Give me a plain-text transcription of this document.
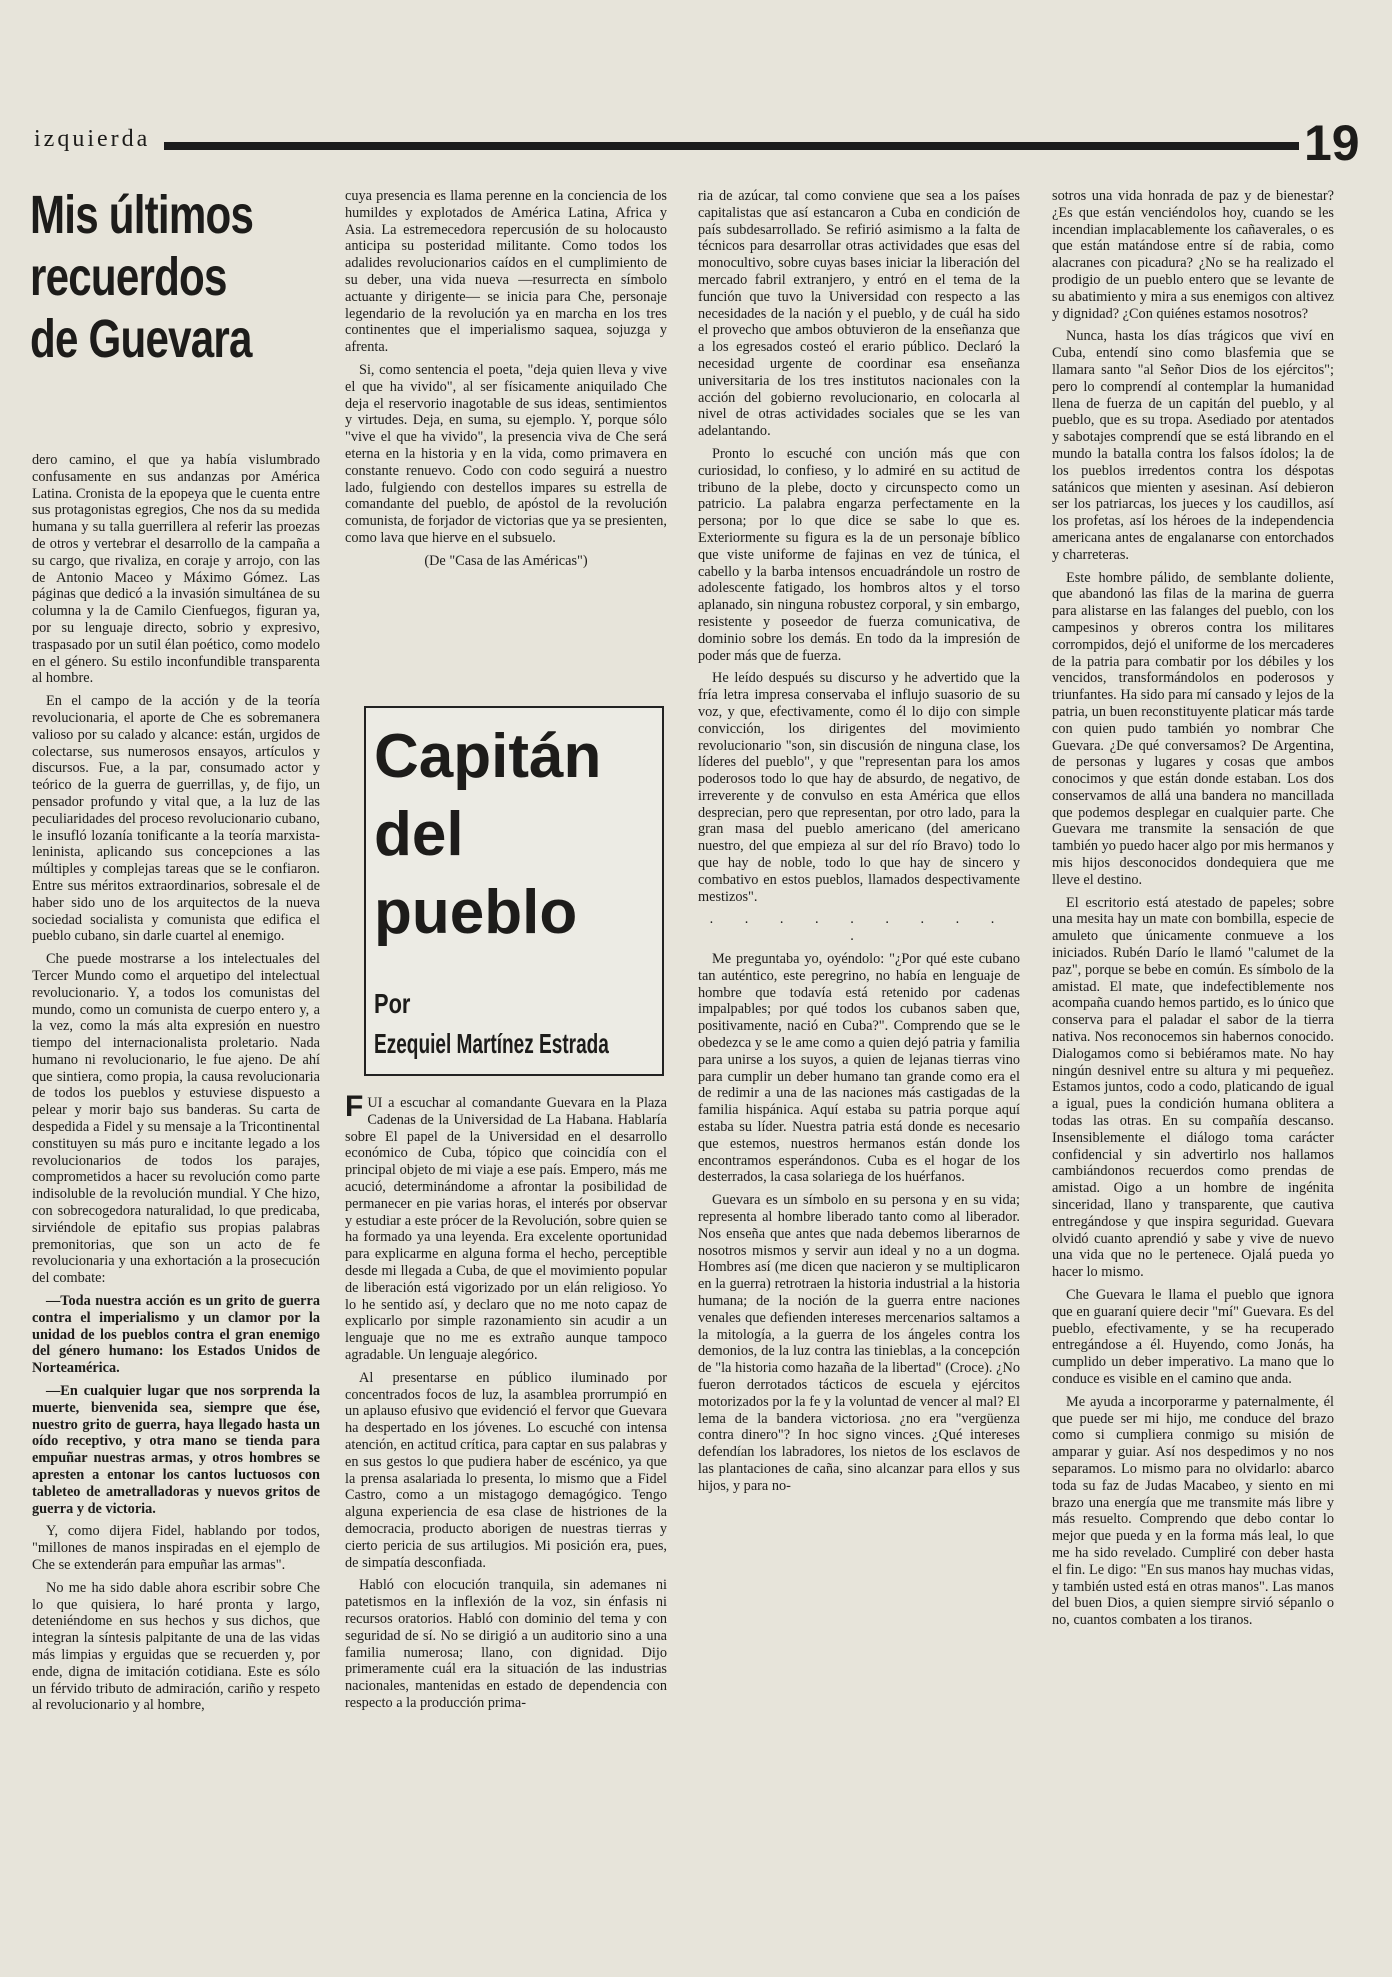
izquierda	19
Mis últimos
recuerdos
de Guevara

dero camino, el que ya había vislumbrado confusamente en sus andanzas por América Latina. Cronista de la epopeya que le cuenta entre sus protagonistas egregios, Che nos da su medida humana y su talla guerrillera al referir las proezas de otros y vertebrar el desarrollo de la campaña a su cargo, que rivaliza, en coraje y arrojo, con las de Antonio Maceo y Máximo Gómez. Las páginas que dedicó a la invasión simultánea de su columna y la de Camilo Cienfuegos, figuran ya, por su lenguaje directo, sobrio y expresivo, traspasado por un sutil élan poético, como modelo en el género. Su estilo inconfundible transparenta al hombre.

En el campo de la acción y de la teoría revolucionaria, el aporte de Che es sobremanera valioso por su calado y alcance: están, urgidos de colectarse, sus numerosos ensayos, artículos y discursos. Fue, a la par, consumado actor y teórico de la guerra de guerrillas, y, de fijo, un pensador profundo y vital que, a la luz de las peculiaridades del proceso revolucionario cubano, le insufló lozanía tonificante a la teoría marxista-leninista, aplicando sus concepciones a las múltiples y complejas tareas que se le confiaron. Entre sus méritos extraordinarios, sobresale el de haber sido uno de los arquitectos de la nueva sociedad socialista y comunista que edifica el pueblo cubano, sin darle cuartel al enemigo.

Che puede mostrarse a los intelectuales del Tercer Mundo como el arquetipo del intelectual revolucionario. Y, a todos los comunistas del mundo, como un comunista de cuerpo entero y, a la vez, como la más alta expresión en nuestro tiempo del internacionalista proletario. Nada humano ni revolucionario, le fue ajeno. De ahí que sintiera, como propia, la causa revolucionaria de todos los pueblos y estuviese dispuesto a pelear y morir bajo sus banderas. Su carta de despedida a Fidel y su mensaje a la Tricontinental constituyen su más puro e incitante legado a los revolucionarios de todos los parajes, comprometidos a hacer su revolución como parte indisoluble de la revolución mundial. Y Che hizo, con sobrecogedora naturalidad, lo que predicaba, sirviéndole de epitafio sus propias palabras premonitorias, que son un acto de fe revolucionaria y una exhortación a la prosecución del combate:

—Toda nuestra acción es un grito de guerra contra el imperialismo y un clamor por la unidad de los pueblos contra el gran enemigo del género humano: los Estados Unidos de Norteamérica.

—En cualquier lugar que nos sorprenda la muerte, bienvenida sea, siempre que ése, nuestro grito de guerra, haya llegado hasta un oído receptivo, y otra mano se tienda para empuñar nuestras armas, y otros hombres se apresten a entonar los cantos luctuosos con tableteo de ametralladoras y nuevos gritos de guerra y de victoria.

Y, como dijera Fidel, hablando por todos, "millones de manos inspiradas en el ejemplo de Che se extenderán para empuñar las armas".

No me ha sido dable ahora escribir sobre Che lo que quisiera, lo haré pronta y largo, deteniéndome en sus hechos y sus dichos, que integran la síntesis palpitante de una de las vidas más limpias y erguidas que se recuerden y, por ende, digna de imitación cotidiana. Este es sólo un férvido tributo de admiración, cariño y respeto al revolucionario y al hombre,

cuya presencia es llama perenne en la conciencia de los humildes y explotados de América Latina, Africa y Asia. La estremecedora repercusión de su holocausto anticipa su posteridad militante. Como todos los adalides revolucionarios caídos en el cumplimiento de su deber, una vida nueva —resurrecta en símbolo actuante y dirigente— se inicia para Che, personaje legendario de la revolución ya en marcha en los tres continentes que el imperialismo saquea, sojuzga y afrenta.

Si, como sentencia el poeta, "deja quien lleva y vive el que ha vivido", al ser físicamente aniquilado Che deja el reservorio inagotable de sus ideas, sentimientos y virtudes. Deja, en suma, su ejemplo. Y, porque sólo "vive el que ha vivido", la presencia viva de Che será eterna en la historia y en la vida, como primavera en constante renuevo. Codo con codo seguirá a nuestro lado, fulgiendo con destellos impares su estrella de comandante del pueblo, de apóstol de la revolución comunista, de forjador de victorias que ya se presienten, como lava que hierve en el subsuelo.

(De "Casa de las Américas")

Capitán
del
pueblo
Por
Ezequiel Martínez Estrada

FUI a escuchar al comandante Guevara en la Plaza Cadenas de la Universidad de La Habana. Hablaría sobre El papel de la Universidad en el desarrollo económico de Cuba, tópico que coincidía con el principal objeto de mi viaje a ese país. Empero, más me acució, determinándome a afrontar la posibilidad de permanecer en pie varias horas, el interés por observar y estudiar a este prócer de la Revolución, sobre quien se ha formado ya una leyenda. Era excelente oportunidad para explicarme en alguna forma el hecho, perceptible desde mi llegada a Cuba, de que el movimiento popular de liberación está vigorizado por un elán religioso. Yo lo he sentido así, y declaro que no me noto capaz de explicarlo por simple razonamiento sin acudir a un lenguaje que no me es extraño aunque tampoco agradable. Un lenguaje alegórico.

Al presentarse en público iluminado por concentrados focos de luz, la asamblea prorrumpió en un aplauso efusivo que evidenció el fervor que Guevara ha despertado en los jóvenes. Lo escuché con intensa atención, en actitud crítica, para captar en sus palabras y en sus gestos lo que pudiera haber de escénico, ya que la prensa asalariada lo presenta, lo mismo que a Fidel Castro, como a un mistagogo demagógico. Tengo alguna experiencia de esa clase de histriones de la democracia, producto aborigen de nuestras tierras y cierto pericia de sus artilugios. Mi posición era, pues, de simpatía desconfiada.

Habló con elocución tranquila, sin ademanes ni patetismos en la inflexión de la voz, sin énfasis ni recursos oratorios. Habló con dominio del tema y con seguridad de sí. No se dirigió a un auditorio sino a una familia numerosa; llano, con dignidad. Dijo primeramente cuál era la situación de las industrias nacionales, mantenidas en estado de dependencia con respecto a la producción prima-

ria de azúcar, tal como conviene que sea a los países capitalistas que así estancaron a Cuba en condición de país subdesarrollado. Se refirió asimismo a la falta de técnicos para desarrollar otras actividades que esas del monocultivo, sobre cuyas bases iniciar la liberación del mercado fabril extranjero, y entró en el tema de la función que tuvo la Universidad con respecto a las necesidades de la nación y el pueblo, y de cuál ha sido el provecho que ambos obtuvieron de la enseñanza que a los egresados costeó el erario público. Declaró la necesidad urgente de coordinar esa enseñanza universitaria de los tres institutos nacionales con la acción del gobierno revolucionario, en colocarla al nivel de otras actividades sociales que se les van adelantando.

Pronto lo escuché con unción más que con curiosidad, lo confieso, y lo admiré en su actitud de tribuno de la plebe, docto y circunspecto como un patricio. La palabra engarza perfectamente en la persona; por lo que dice se sabe lo que es. Exteriormente su figura es la de un personaje bíblico que viste uniforme de fajinas en vez de túnica, el cabello y la barba intensos encuadrándole un rostro de adolescente fatigado, los hombros altos y el torso aplanado, sin ninguna robustez corporal, y sin embargo, resistente y poseedor de fuerza comunicativa, de dominio sobre los demás. En todo da la impresión de poder más que de fuerza.

He leído después su discurso y he advertido que la fría letra impresa conservaba el influjo suasorio de su voz, y que, efectivamente, como él lo dijo con simple convicción, los dirigentes del movimiento revolucionario "son, sin discusión de ninguna clase, los líderes del pueblo", y que "representan para los amos poderosos todo lo que hay de absurdo, de negativo, de irreverente y de convulso en esta América que ellos desprecian, pero que representan, por otro lado, para la gran masa del pueblo americano (del americano nuestro, del que empieza al sur del río Bravo) todo lo que hay de noble, todo lo que hay de sincero y combativo en estos pueblos, llamados despectivamente mestizos".

. . . . . . . . . .

Me preguntaba yo, oyéndolo: "¿Por qué este cubano tan auténtico, este peregrino, no había en lenguaje de hombre que todavía está retenido por cadenas impalpables; por qué todos los cubanos saben que, positivamente, nació en Cuba?". Comprendo que se le obedezca y se le ame como a quien dejó patria y familia para unirse a los suyos, a quien de lejanas tierras vino para cumplir un deber humano tan grande como era el de redimir a una de las naciones más castigadas de la familia hispánica. Aquí estaba su patria porque aquí estaba su líder. Nuestra patria está donde es necesario que estemos, nuestros hermanos están donde los encontramos esperándonos. Cuba es el hogar de los desterrados, la casa solariega de los huérfanos.

Guevara es un símbolo en su persona y en su vida; representa al hombre liberado tanto como al liberador. Nos enseña que antes que nada debemos liberarnos de nosotros mismos y servir aun ideal y no a un dogma. Hombres así (me dicen que nacieron y se multiplicaron en la guerra) retrotraen la historia industrial a la historia humana; de la noción de la guerra entre naciones venales que defienden intereses mercenarios saltamos a la mitología, a la guerra de los ángeles contra los demonios, de la luz contra las tinieblas, a la concepción de "la historia como hazaña de la libertad" (Croce). ¿No fueron derrotados tácticos de escuela y ejércitos motorizados por la fe y la voluntad de vencer al mal? El lema de la bandera victoriosa. ¿no era "vergüenza contra dinero"? In hoc signo vinces. ¿Qué intereses defendían los labradores, los nietos de los esclavos de las plantaciones de caña, sino alcanzar para ellos y sus hijos, y para no-

sotros una vida honrada de paz y de bienestar? ¿Es que están venciéndolos hoy, cuando se les incendian implacablemente los cañaverales, o es que están matándose entre sí de rabia, como alacranes con picadura? ¿No se ha realizado el prodigio de un pueblo entero que se levante de su abatimiento y mira a sus enemigos con altivez y dignidad? ¿Con quiénes estamos nosotros?

Nunca, hasta los días trágicos que viví en Cuba, entendí sino como blasfemia que se llamara santo "al Señor Dios de los ejércitos"; pero lo comprendí al contemplar la humanidad llena de fuerza de un capitán del pueblo, y al pueblo, que es su tropa. Asediado por atentados y sabotajes comprendí que se está librando en el mundo la batalla contra los falsos ídolos; la de los pueblos irredentos contra los déspotas satánicos que mienten y asesinan. Así debieron ser los patriarcas, los jueces y los caudillos, así los profetas, así los héroes de la independencia americana antes de engalanarse con entorchados y charreteras.

Este hombre pálido, de semblante doliente, que abandonó las filas de la marina de guerra para alistarse en las falanges del pueblo, con los campesinos y obreros contra los militares corrompidos, dejó el uniforme de los mercaderes de la patria para combatir por los débiles y los vencidos, transformándolos en poderosos y triunfantes. Ha sido para mí cansado y lejos de la patria, un buen reconstituyente platicar más tarde con quien pudo también yo nombrar Che Guevara. ¿De qué conversamos? De Argentina, de personas y lugares y cosas que ambos conocimos y que están donde estaban. Los dos conservamos de allá una bandera no mancillada que podemos desplegar en cualquier parte. Che Guevara me transmite la sensación de que también yo puedo hacer algo por mis hermanos y mis hijos desconocidos dondequiera que me lleve el destino.

El escritorio está atestado de papeles; sobre una mesita hay un mate con bombilla, especie de amuleto que únicamente conmueve a los iniciados. Rubén Darío le llamó "calumet de la paz", porque se bebe en común. Es símbolo de la amistad. El mate, que indefectiblemente nos acompaña cuando hemos partido, es lo único que conserva para el paladar el sabor de la tierra nativa. Nos reconocemos sin habernos conocido. Dialogamos como si bebiéramos mate. No hay ningún desnivel entre su altura y mi pequeñez. Estamos juntos, codo a codo, platicando de igual a igual, pues la condición humana oblitera a todas las otras. En su compañía descanso. Insensiblemente el diálogo toma carácter confidencial y sin advertirlo nos hallamos cambiándonos recuerdos como prendas de amistad. Oigo a un hombre de ingénita sinceridad, llano y transparente, que cautiva entregándose y que inspira seguridad. Guevara olvidó cuanto aprendió y sabe y vive de nuevo una vida que no le pertenece. Ojalá pueda yo hacer lo mismo.

Che Guevara le llama el pueblo que ignora que en guaraní quiere decir "mí" Guevara. Es del pueblo, efectivamente, y se ha recuperado entregándose a él. Huyendo, como Jonás, ha cumplido un deber imperativo. La mano que lo conduce es visible en el camino que anda.

Me ayuda a incorporarme y paternalmente, él que puede ser mi hijo, me conduce del brazo como si cumpliera conmigo su misión de amparar y guiar. Así nos despedimos y no nos separamos. Lo mismo para no olvidarlo: abarco toda su faz de Judas Macabeo, y siento en mi brazo una energía que me transmite más libre y más resuelto. Comprendo que debo contar lo mejor que pueda y en la forma más leal, lo que me ha sido revelado. Cumpliré con deber hasta el fin. Le digo: "En sus manos hay muchas vidas, y también usted está en otras manos". Las manos del buen Dios, a quien siempre sirvió sépanlo o no, cuantos combaten a los tiranos.
